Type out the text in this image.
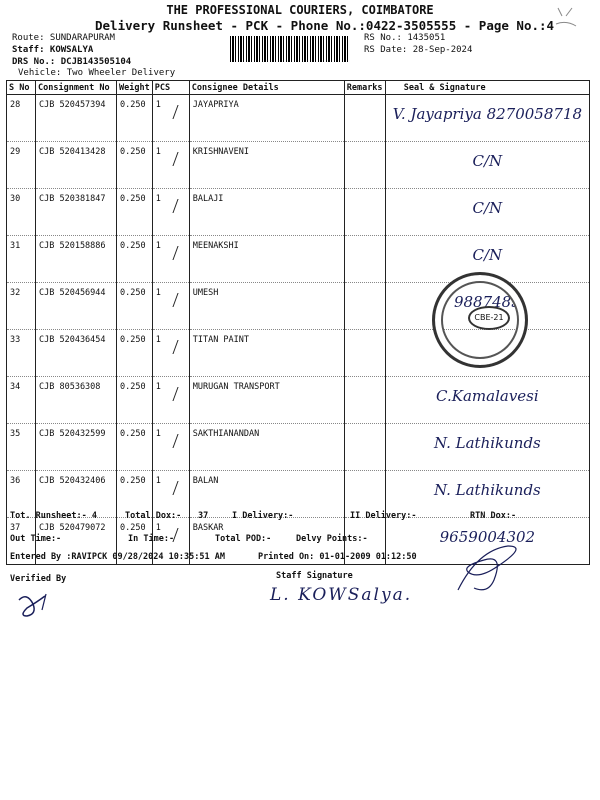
THE PROFESSIONAL COURIERS, COIMBATORE
Delivery Runsheet - PCK - Phone No.:0422-3505555 - Page No.:4
Route: SUNDARAPURAM
Staff: KOWSALYA
DRS No.: DCJB143505104
Vehicle: Two Wheeler Delivery
RS No.: 1435051
RS Date: 28-Sep-2024
S No	Consignment No	Weight	PCS	Consignee Details	Remarks	Seal & Signature
28	CJB 520457394	0.250	1	JAYAPRIYA		V. Jayapriya 8270058718
29	CJB 520413428	0.250	1	KRISHNAVENI		C/N
30	CJB 520381847	0.250	1	BALAJI		C/N
31	CJB 520158886	0.250	1	MEENAKSHI		C/N
32	CJB 520456944	0.250	1	UMESH		9887485
33	CJB 520436454	0.250	1	TITAN PAINT		
34	CJB 80536308	0.250	1	MURUGAN TRANSPORT		C.Kamalavesi
35	CJB 520432599	0.250	1	SAKTHIANANDAN		N. Lathikunds
36	CJB 520432406	0.250	1	BALAN		N. Lathikunds
37	CJB 520479072	0.250	1	BASKAR		9659004302
CBE-21
Tot. Runsheet:- 4	Total Dox:- 37	I Delivery:-	II Delivery:-	RTN Dox:-
Out Time:-	In Time:-	Total POD:-	Delvy Points:-
Entered By :RAVIPCK 09/28/2024 10:35:51 AM	Printed On: 01-01-2009 01:12:50
Verified By	Staff Signature
L. KOWSalya.
